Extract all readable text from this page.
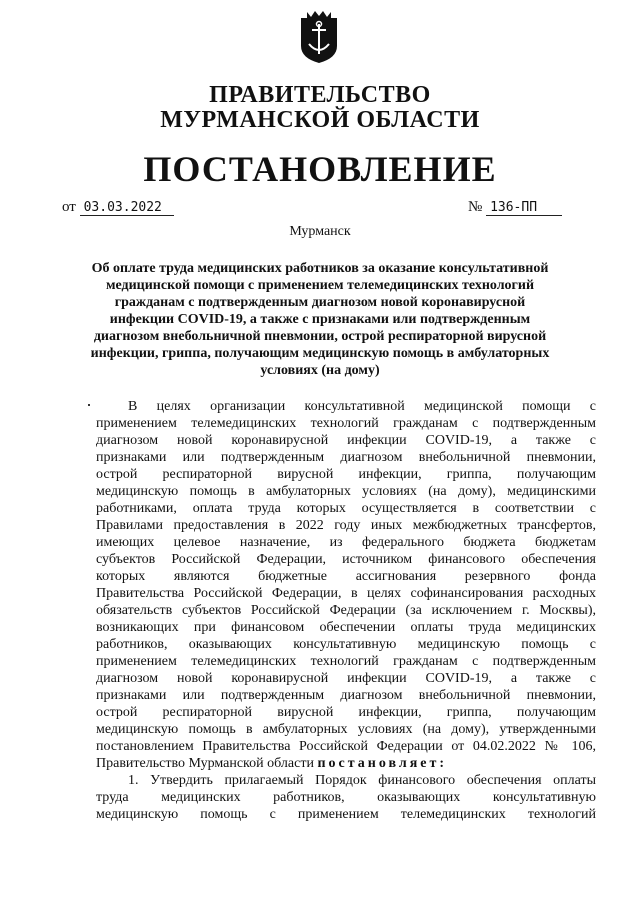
ПРАВИТЕЛЬСТВО
МУРМАНСКОЙ ОБЛАСТИ
ПОСТАНОВЛЕНИЕ
от 03.03.2022	№ 136-ПП
Мурманск
Об оплате труда медицинских работников за оказание консультативной
медицинской помощи с применением телемедицинских технологий
гражданам с подтвержденным диагнозом новой коронавирусной
инфекции COVID-19, а также с признаками или подтвержденным
диагнозом внебольничной пневмонии, острой респираторной вирусной
инфекции, гриппа, получающим медицинскую помощь в амбулаторных
условиях (на дому)
В целях организации консультативной медицинской помощи с
применением телемедицинских технологий гражданам с подтвержденным
диагнозом новой коронавирусной инфекции COVID-19, а также с
признаками или подтвержденным диагнозом внебольничной пневмонии,
острой респираторной вирусной инфекции, гриппа, получающим
медицинскую помощь в амбулаторных условиях (на дому), медицинскими
работниками, оплата труда которых осуществляется в соответствии с
Правилами предоставления в 2022 году иных межбюджетных трансфертов,
имеющих целевое назначение, из федерального бюджета бюджетам
субъектов Российской Федерации, источником финансового обеспечения
которых являются бюджетные ассигнования резервного фонда
Правительства Российской Федерации, в целях софинансирования расходных
обязательств субъектов Российской Федерации (за исключением г. Москвы),
возникающих при финансовом обеспечении оплаты труда медицинских
работников, оказывающих консультативную медицинскую помощь с
применением телемедицинских технологий гражданам с подтвержденным
диагнозом новой коронавирусной инфекции COVID-19, а также с
признаками или подтвержденным диагнозом внебольничной пневмонии,
острой респираторной вирусной инфекции, гриппа, получающим
медицинскую помощь в амбулаторных условиях (на дому), утвержденными
постановлением Правительства Российской Федерации от 04.02.2022 № 106,
Правительство Мурманской области постановляет:
1. Утвердить прилагаемый Порядок финансового обеспечения оплаты
труда медицинских работников, оказывающих консультативную
медицинскую помощь с применением телемедицинских технологий
